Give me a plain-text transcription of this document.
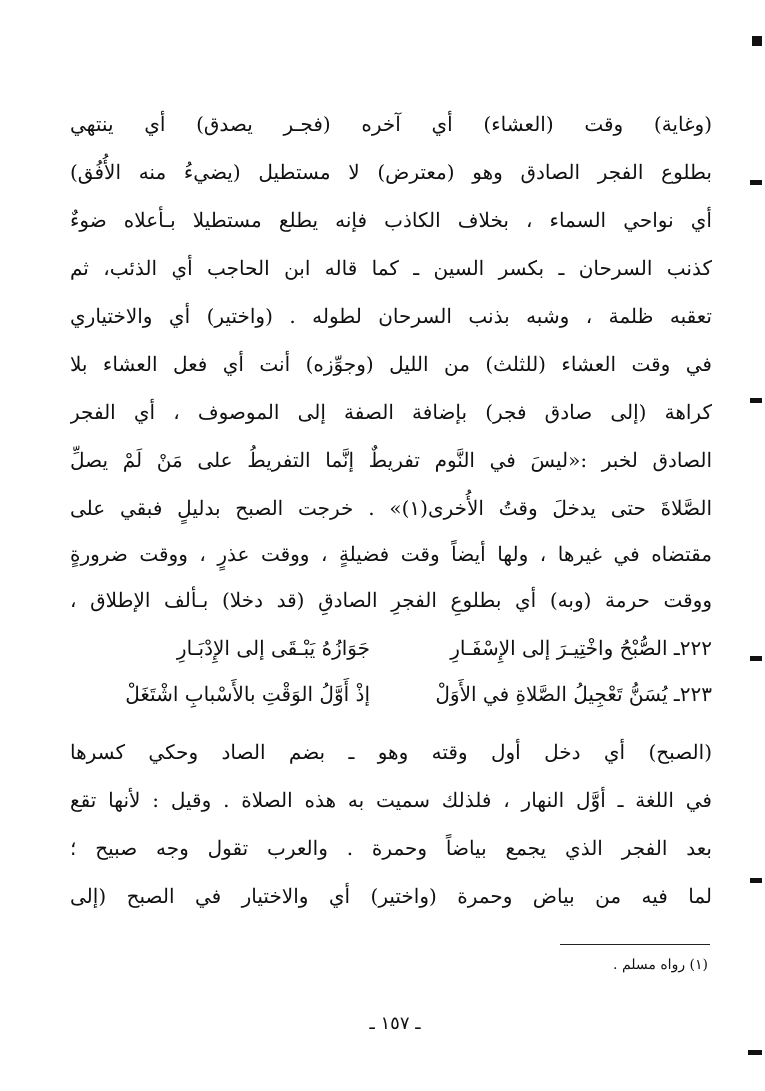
(وغاية) وقت (العشاء) أي آخره (فجـر يصدق) أي ينتهي
بطلوع الفجر الصادق وهو (معترض) لا مستطيل (يضيءُ منه الأُفُق)
أي نواحي السماء ، بخلاف الكاذب فإنه يطلع مستطيلا بـأعلاه ضوءٌ
كذنب السرحان ـ بكسر السين ـ كما قاله ابن الحاجب أي الذئب، ثم
تعقبه ظلمة ، وشبه بذنب السرحان لطوله . (واختير) أي والاختياري
في وقت العشاء (للثلث) من الليل (وجوِّزه) أنت أي فعل العشاء بلا
كراهة (إلى صادق فجر) بإضافة الصفة إلى الموصوف ، أي الفجر
الصادق لخبر :«ليسَ في النَّوم تفريطٌ إنَّما التفريطُ على مَنْ لَمْ يصلِّ
الصَّلاةَ حتى يدخلَ وقتُ الأُخرى(١)» . خرجت الصبح بدليلٍ فبقي على
مقتضاه في غيرها ، ولها أيضاً وقت فضيلةٍ ، ووقت عذرٍ ، ووقت ضرورةٍ
ووقت حرمة (وبه) أي بطلوعِ الفجرِ الصادقِ (قد دخلا) بـألف الإطلاق ،
٢٢٢ـ الصُّبْحُ واخْتِيـرَ إلى الإِسْفَـارِ
جَوَازُهُ يَبْـقَى إلى الإِدْبَـارِ
٢٢٣ـ يُسَنُّ تَعْجِيلُ الصَّلاةِ في الأَوَلْ
إذْ أَوَّلُ الوَقْتِ بالأَسْبابِ اشْتَغَلْ
(الصبح) أي دخل أول وقته وهو ـ بضم الصاد وحكي كسرها
في اللغة ـ أوَّل النهار ، فلذلك سميت به هذه الصلاة . وقيل : لأنها تقع
بعد الفجر الذي يجمع بياضاً وحمرة . والعرب تقول وجه صبيح ؛
لما فيه من بياض وحمرة (واختير) أي والاختيار في الصبح (إلى
(١) رواه مسلم .
ـ ١٥٧ ـ
